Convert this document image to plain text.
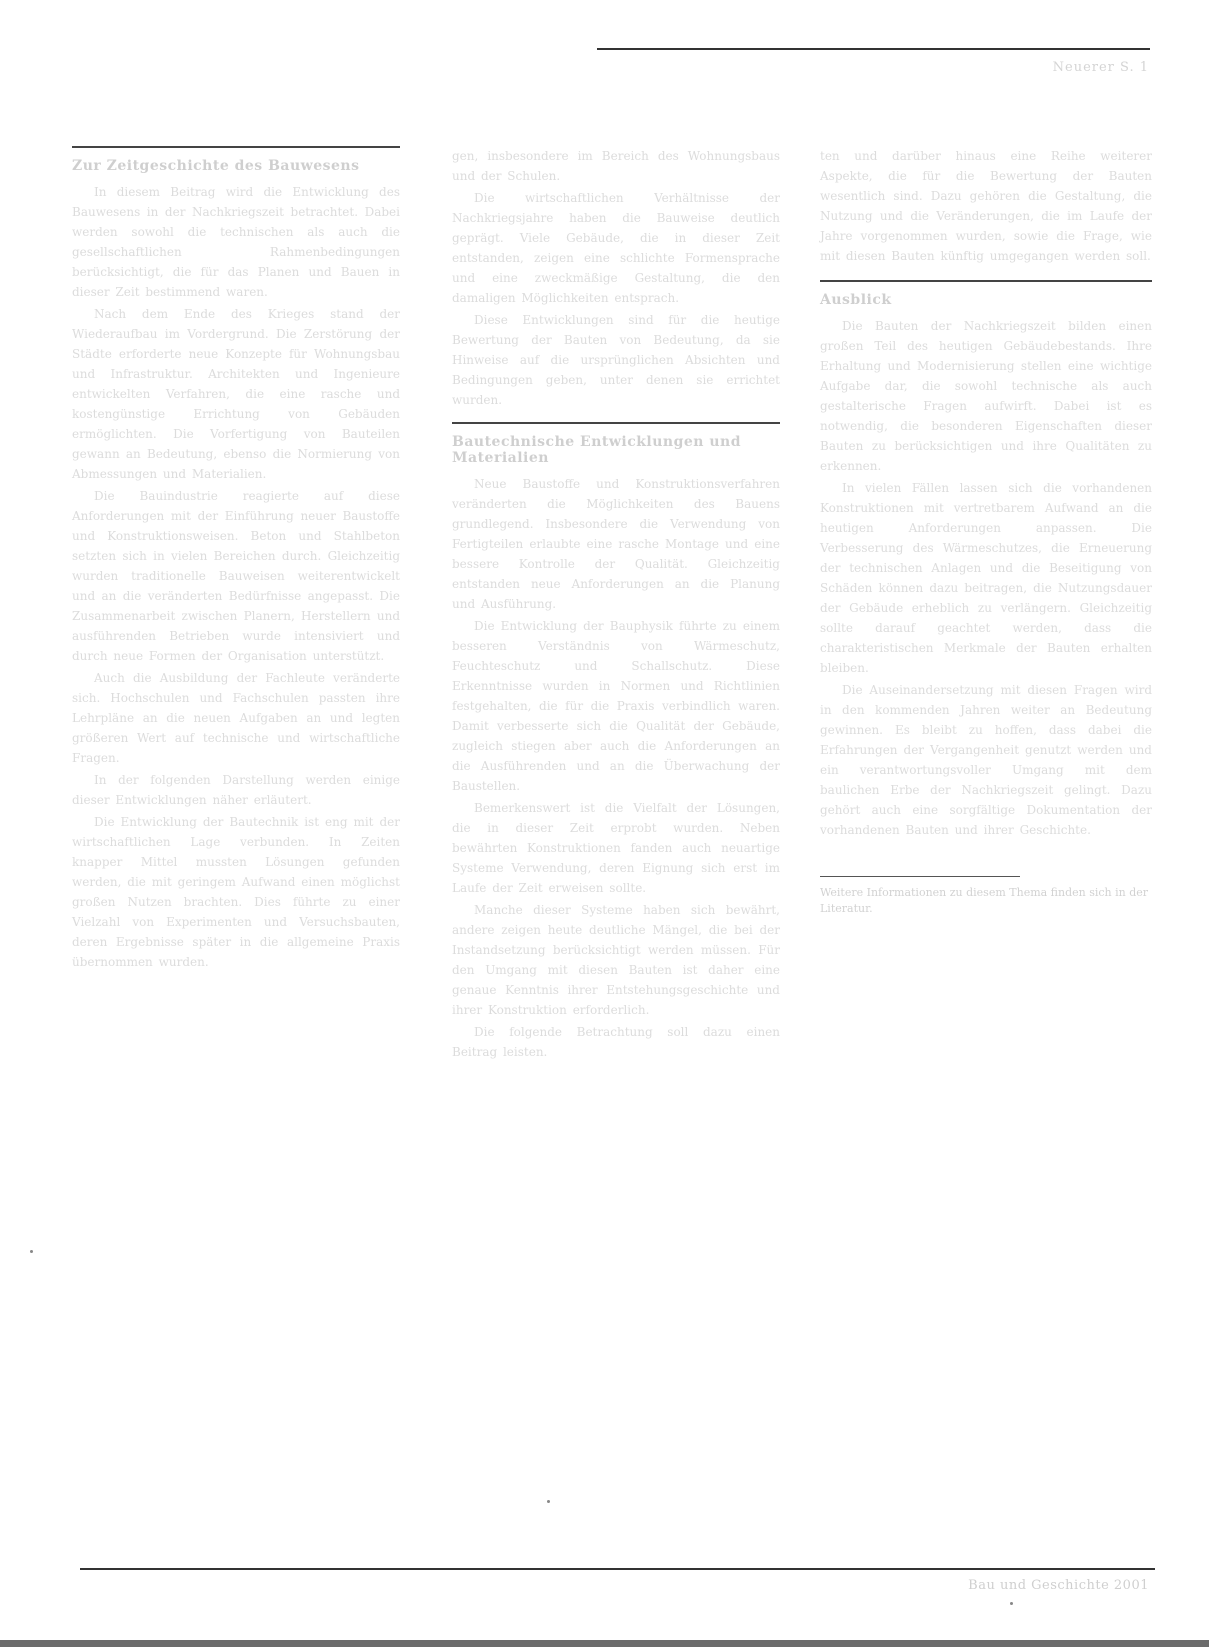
Neuerer S. 1
Zur Zeitgeschichte des Bauwesens

In diesem Beitrag wird die Entwicklung des Bauwesens in der Nachkriegszeit betrachtet. Dabei werden sowohl die technischen als auch die gesellschaftlichen Rahmenbedingungen berücksichtigt, die für das Planen und Bauen in dieser Zeit bestimmend waren.

Nach dem Ende des Krieges stand der Wiederaufbau im Vordergrund. Die Zerstörung der Städte erforderte neue Konzepte für Wohnungsbau und Infrastruktur. Architekten und Ingenieure entwickelten Verfahren, die eine rasche und kostengünstige Errichtung von Gebäuden ermöglichten. Die Vorfertigung von Bauteilen gewann an Bedeutung, ebenso die Normierung von Abmessungen und Materialien.

Die Bauindustrie reagierte auf diese Anforderungen mit der Einführung neuer Baustoffe und Konstruktionsweisen. Beton und Stahlbeton setzten sich in vielen Bereichen durch. Gleichzeitig wurden traditionelle Bauweisen weiterentwickelt und an die veränderten Bedürfnisse angepasst. Die Zusammenarbeit zwischen Planern, Herstellern und ausführenden Betrieben wurde intensiviert und durch neue Formen der Organisation unterstützt.

Auch die Ausbildung der Fachleute veränderte sich. Hochschulen und Fachschulen passten ihre Lehrpläne an die neuen Aufgaben an und legten größeren Wert auf technische und wirtschaftliche Fragen.

In der folgenden Darstellung werden einige dieser Entwicklungen näher erläutert.

Die Entwicklung der Bautechnik ist eng mit der wirtschaftlichen Lage verbunden. In Zeiten knapper Mittel mussten Lösungen gefunden werden, die mit geringem Aufwand einen möglichst großen Nutzen brachten. Dies führte zu einer Vielzahl von Experimenten und Versuchsbauten, deren Ergebnisse später in die allgemeine Praxis übernommen wurden.

gen, insbesondere im Bereich des Wohnungsbaus und der Schulen.

Die wirtschaftlichen Verhältnisse der Nachkriegsjahre haben die Bauweise deutlich geprägt. Viele Gebäude, die in dieser Zeit entstanden, zeigen eine schlichte Formensprache und eine zweckmäßige Gestaltung, die den damaligen Möglichkeiten entsprach.

Diese Entwicklungen sind für die heutige Bewertung der Bauten von Bedeutung, da sie Hinweise auf die ursprünglichen Absichten und Bedingungen geben, unter denen sie errichtet wurden.

Bautechnische Entwicklungen und Materialien

Neue Baustoffe und Konstruktionsverfahren veränderten die Möglichkeiten des Bauens grundlegend. Insbesondere die Verwendung von Fertigteilen erlaubte eine rasche Montage und eine bessere Kontrolle der Qualität. Gleichzeitig entstanden neue Anforderungen an die Planung und Ausführung.

Die Entwicklung der Bauphysik führte zu einem besseren Verständnis von Wärmeschutz, Feuchteschutz und Schallschutz. Diese Erkenntnisse wurden in Normen und Richtlinien festgehalten, die für die Praxis verbindlich waren. Damit verbesserte sich die Qualität der Gebäude, zugleich stiegen aber auch die Anforderungen an die Ausführenden und an die Überwachung der Baustellen.

Bemerkenswert ist die Vielfalt der Lösungen, die in dieser Zeit erprobt wurden. Neben bewährten Konstruktionen fanden auch neuartige Systeme Verwendung, deren Eignung sich erst im Laufe der Zeit erweisen sollte.

Manche dieser Systeme haben sich bewährt, andere zeigen heute deutliche Mängel, die bei der Instandsetzung berücksichtigt werden müssen. Für den Umgang mit diesen Bauten ist daher eine genaue Kenntnis ihrer Entstehungsgeschichte und ihrer Konstruktion erforderlich.

Die folgende Betrachtung soll dazu einen Beitrag leisten.

ten und darüber hinaus eine Reihe weiterer Aspekte, die für die Bewertung der Bauten wesentlich sind. Dazu gehören die Gestaltung, die Nutzung und die Veränderungen, die im Laufe der Jahre vorgenommen wurden, sowie die Frage, wie mit diesen Bauten künftig umgegangen werden soll.

Ausblick

Die Bauten der Nachkriegszeit bilden einen großen Teil des heutigen Gebäudebestands. Ihre Erhaltung und Modernisierung stellen eine wichtige Aufgabe dar, die sowohl technische als auch gestalterische Fragen aufwirft. Dabei ist es notwendig, die besonderen Eigenschaften dieser Bauten zu berücksichtigen und ihre Qualitäten zu erkennen.

In vielen Fällen lassen sich die vorhandenen Konstruktionen mit vertretbarem Aufwand an die heutigen Anforderungen anpassen. Die Verbesserung des Wärmeschutzes, die Erneuerung der technischen Anlagen und die Beseitigung von Schäden können dazu beitragen, die Nutzungsdauer der Gebäude erheblich zu verlängern. Gleichzeitig sollte darauf geachtet werden, dass die charakteristischen Merkmale der Bauten erhalten bleiben.

Die Auseinandersetzung mit diesen Fragen wird in den kommenden Jahren weiter an Bedeutung gewinnen. Es bleibt zu hoffen, dass dabei die Erfahrungen der Vergangenheit genutzt werden und ein verantwortungsvoller Umgang mit dem baulichen Erbe der Nachkriegszeit gelingt. Dazu gehört auch eine sorgfältige Dokumentation der vorhandenen Bauten und ihrer Geschichte.

Weitere Informationen zu diesem Thema finden sich in der Literatur.
Bau und Geschichte 2001
